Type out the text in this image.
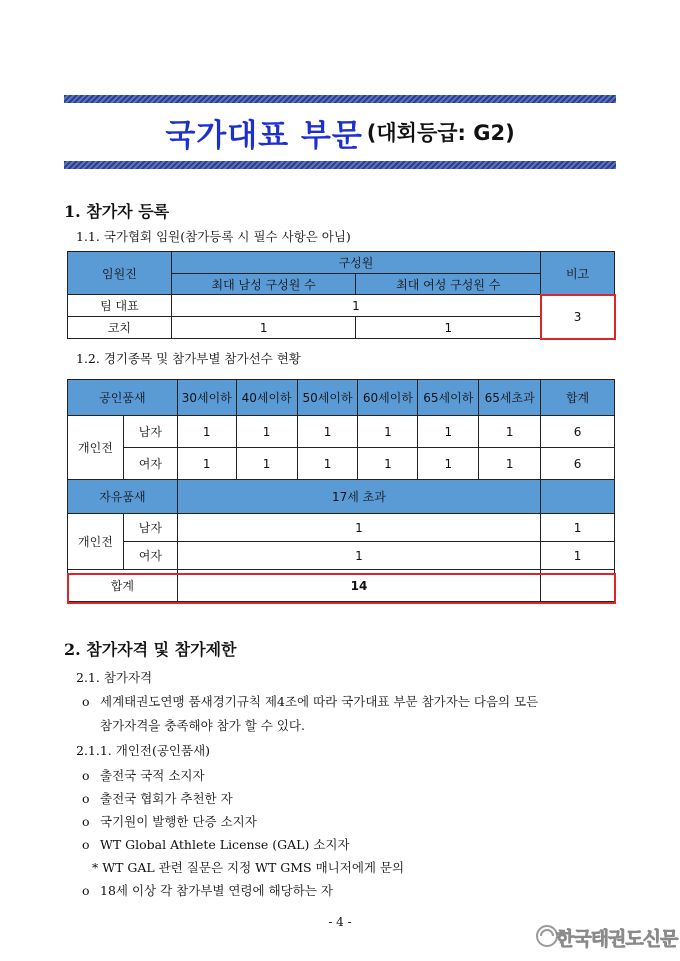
국가대표 부문 (대회등급: G2)
1. 참가자 등록
1.1. 국가협회 임원(참가등록 시 필수 사항은 아님)
임원진	구성원		비고
	최대 남성 구성원 수	최대 여성 구성원 수	
팀 대표	1		3
코치	1	1	
1.2. 경기종목 및 참가부별 참가선수 현황
공인품새		30세이하	40세이하	50세이하	60세이하	65세이하	65세초과	합계
개인전	남자	1	1	1	1	1	1	6
	여자	1	1	1	1	1	1	6
자유품새		17세 초과						
개인전	남자	1						1
	여자	1						1
합계		14						
2. 참가자격 및 참가제한
2.1. 참가자격
o 세계태권도연맹 품새경기규칙 제4조에 따라 국가대표 부문 참가자는 다음의 모든
참가자격을 충족해야 참가 할 수 있다.
2.1.1. 개인전(공인품새)
o 출전국 국적 소지자
o 출전국 협회가 추천한 자
o 국기원이 발행한 단증 소지자
o WT Global Athlete License (GAL) 소지자
* WT GAL 관련 질문은 지정 WT GMS 매니저에게 문의
o 18세 이상 각 참가부별 연령에 해당하는 자
- 4 -
한국태권도신문
